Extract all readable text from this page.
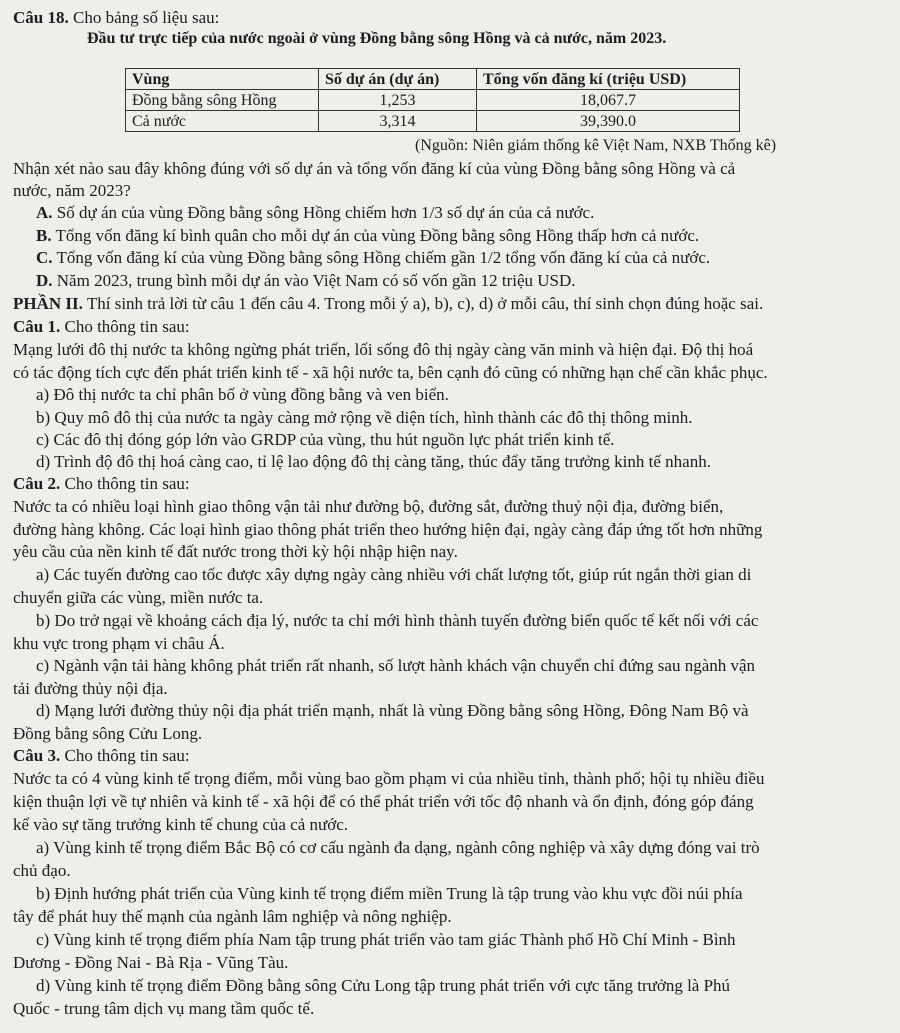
Câu 18. Cho bảng số liệu sau:
Đầu tư trực tiếp của nước ngoài ở vùng Đồng bằng sông Hồng và cả nước, năm 2023.
Vùng	Số dự án (dự án)	Tổng vốn đăng kí (triệu USD)
Đồng bằng sông Hồng	1,253	18,067.7
Cả nước	3,314	39,390.0
(Nguồn: Niên giám thống kê Việt Nam, NXB Thống kê)
Nhận xét nào sau đây không đúng với số dự án và tổng vốn đăng kí của vùng Đồng bằng sông Hồng và cả
nước, năm 2023?
A. Số dự án của vùng Đồng bằng sông Hồng chiếm hơn 1/3 số dự án của cả nước.
B. Tổng vốn đăng kí bình quân cho mỗi dự án của vùng Đồng bằng sông Hồng thấp hơn cả nước.
C. Tổng vốn đăng kí của vùng Đồng bằng sông Hồng chiếm gần 1/2 tổng vốn đăng kí của cả nước.
D. Năm 2023, trung bình mỗi dự án vào Việt Nam có số vốn gần 12 triệu USD.
PHẦN II. Thí sinh trả lời từ câu 1 đến câu 4. Trong mỗi ý a), b), c), d) ở mỗi câu, thí sinh chọn đúng hoặc sai.
Câu 1. Cho thông tin sau:
Mạng lưới đô thị nước ta không ngừng phát triển, lối sống đô thị ngày càng văn minh và hiện đại. Độ thị hoá
có tác động tích cực đến phát triển kinh tế - xã hội nước ta, bên cạnh đó cũng có những hạn chế cần khắc phục.
a) Đô thị nước ta chỉ phân bố ở vùng đồng bằng và ven biển.
b) Quy mô đô thị của nước ta ngày càng mở rộng về diện tích, hình thành các đô thị thông minh.
c) Các đô thị đóng góp lớn vào GRDP của vùng, thu hút nguồn lực phát triển kinh tế.
d) Trình độ đô thị hoá càng cao, tỉ lệ lao động đô thị càng tăng, thúc đẩy tăng trưởng kinh tế nhanh.
Câu 2. Cho thông tin sau:
Nước ta có nhiều loại hình giao thông vận tải như đường bộ, đường sắt, đường thuỷ nội địa, đường biển,
đường hàng không. Các loại hình giao thông phát triển theo hướng hiện đại, ngày càng đáp ứng tốt hơn những
yêu cầu của nền kinh tế đất nước trong thời kỳ hội nhập hiện nay.
a) Các tuyến đường cao tốc được xây dựng ngày càng nhiều với chất lượng tốt, giúp rút ngắn thời gian di
chuyển giữa các vùng, miền nước ta.
b) Do trở ngại về khoảng cách địa lý, nước ta chỉ mới hình thành tuyến đường biển quốc tế kết nối với các
khu vực trong phạm vi châu Á.
c) Ngành vận tải hàng không phát triển rất nhanh, số lượt hành khách vận chuyển chỉ đứng sau ngành vận
tải đường thủy nội địa.
d) Mạng lưới đường thủy nội địa phát triển mạnh, nhất là vùng Đồng bằng sông Hồng, Đông Nam Bộ và
Đồng bằng sông Cửu Long.
Câu 3. Cho thông tin sau:
Nước ta có 4 vùng kinh tế trọng điểm, mỗi vùng bao gồm phạm vi của nhiều tỉnh, thành phố; hội tụ nhiều điều
kiện thuận lợi về tự nhiên và kinh tế - xã hội để có thể phát triển với tốc độ nhanh và ổn định, đóng góp đáng
kể vào sự tăng trưởng kinh tế chung của cả nước.
a) Vùng kinh tế trọng điểm Bắc Bộ có cơ cấu ngành đa dạng, ngành công nghiệp và xây dựng đóng vai trò
chủ đạo.
b) Định hướng phát triển của Vùng kinh tế trọng điểm miền Trung là tập trung vào khu vực đồi núi phía
tây để phát huy thế mạnh của ngành lâm nghiệp và nông nghiệp.
c) Vùng kinh tế trọng điểm phía Nam tập trung phát triển vào tam giác Thành phố Hồ Chí Minh - Bình
Dương - Đồng Nai - Bà Rịa - Vũng Tàu.
d) Vùng kinh tế trọng điểm Đồng bằng sông Cửu Long tập trung phát triển với cực tăng trưởng là Phú
Quốc - trung tâm dịch vụ mang tầm quốc tế.
